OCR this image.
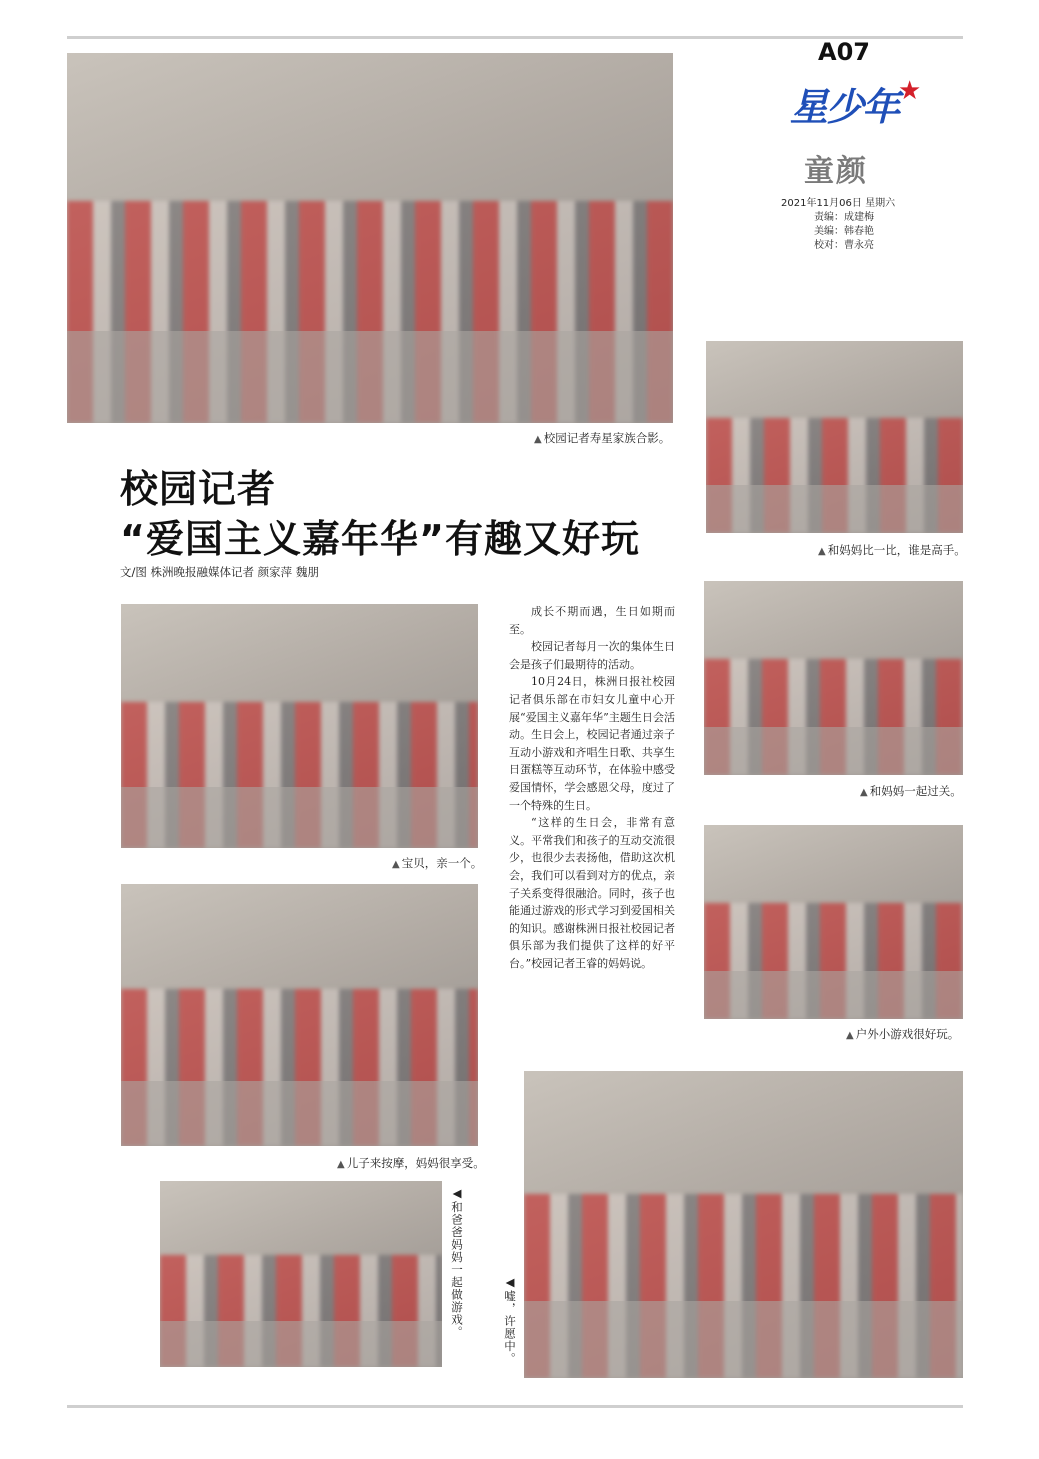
A07
星少年★
童颜
2021年11月06日 星期六
责编：成建梅
美编：韩春艳
校对：曹永亮
▲ 校园记者寿星家族合影。
▲ 和妈妈比一比，谁是高手。
校园记者
“爱国主义嘉年华”有趣又好玩
文/图 株洲晚报融媒体记者 颜家萍 魏朋
▲ 宝贝，亲一个。

成长不期而遇，生日如期而至。

校园记者每月一次的集体生日会是孩子们最期待的活动。

10月24日，株洲日报社校园记者俱乐部在市妇女儿童中心开展“爱国主义嘉年华”主题生日会活动。生日会上，校园记者通过亲子互动小游戏和齐唱生日歌、共享生日蛋糕等互动环节，在体验中感受爱国情怀，学会感恩父母，度过了一个特殊的生日。

“这样的生日会，非常有意义。平常我们和孩子的互动交流很少，也很少去表扬他，借助这次机会，我们可以看到对方的优点，亲子关系变得很融洽。同时，孩子也能通过游戏的形式学习到爱国相关的知识。感谢株洲日报社校园记者俱乐部为我们提供了这样的好平台。”校园记者王睿的妈妈说。

▲ 和妈妈一起过关。
▲ 户外小游戏很好玩。
▲ 儿子来按摩，妈妈很享受。
◀和爸爸妈妈一起做游戏。	◀嘘，许愿中。
